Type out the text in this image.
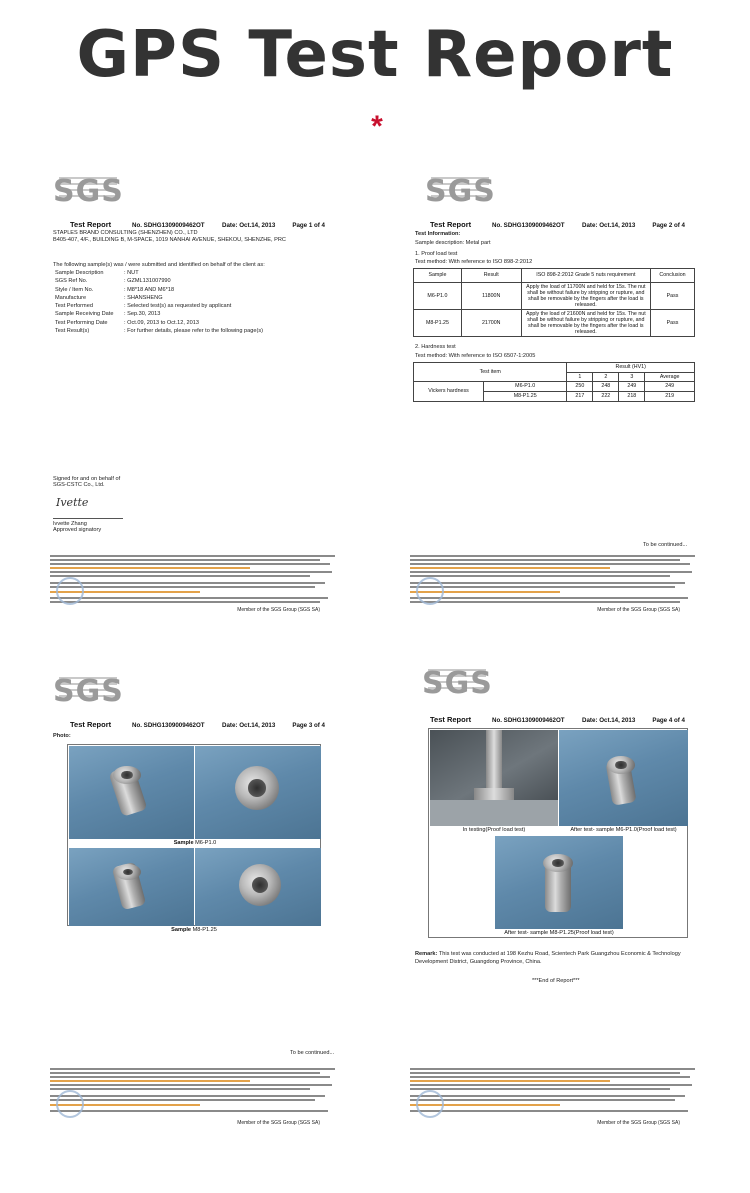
GPS Test Report
*
SGS
Test Report	No. SDHG1309009462OT	Date: Oct.14, 2013	Page 1 of 4
STAPLES BRAND CONSULTING (SHENZHEN) CO., LTD
B405-407, 4/F., BUILDING B, M-SPACE, 1019 NANHAI AVENUE, SHEKOU, SHENZHE, PRC
The following sample(s) was / were submitted and identified on behalf of the client as:
Sample Description	: NUT
SGS Ref No.	: GZML131007990
Style / Item No.	: M8*18 AND M6*18
Manufacture	: SHANSHENG
Test Performed	: Selected test(s) as requested by applicant
Sample Receiving Date	: Sep.30, 2013
Test Performing Date	: Oct.09, 2013 to Oct.12, 2013
Test Result(s)	: For further details, please refer to the following page(s)
Signed for and on behalf of
SGS-CSTC Co., Ltd.
Ivette
Ivvette Zhang
Approved signatory
Member of the SGS Group (SGS SA)
SGS
Test Report	No. SDHG1309009462OT	Date: Oct.14, 2013	Page 2 of 4
Test Information:
Sample description: Metal part
1. Proof load test
Test method: With reference to ISO 898-2:2012
Sample	Result	ISO 898-2:2012 Grade 5 nuts requirement	Conclusion
M6-P1.0	11800N	Apply the load of 11700N and held for 15s. The nut shall be without failure by stripping or rupture, and shall be removable by the fingers after the load is released.	Pass
M8-P1.25	21700N	Apply the load of 21600N and held for 15s. The nut shall be without failure by stripping or rupture, and shall be removable by the fingers after the load is released.	Pass
2. Hardness test
Test method: With reference to ISO 6507-1:2005
Test item		Result (HV1)			
		1	2	3	Average
Vickers hardness	M6-P1.0	250	248	249	249
	M8-P1.25	217	222	218	219
To be continued...
Member of the SGS Group (SGS SA)
SGS
Test Report	No. SDHG1309009462OT	Date: Oct.14, 2013	Page 3 of 4
Photo:
Sample M6-P1.0
Sample M8-P1.25
To be continued...
Member of the SGS Group (SGS SA)
SGS
Test Report	No. SDHG1309009462OT	Date: Oct.14, 2013	Page 4 of 4
In testing(Proof load test)	After test- sample M6-P1.0(Proof load test)
After test- sample M8-P1.25(Proof load test)
Remark: This test was conducted at 198 Kezhu Road, Scientech Park Guangzhou Economic & Technology Development District, Guangdong Province, China.
***End of Report***
Member of the SGS Group (SGS SA)
